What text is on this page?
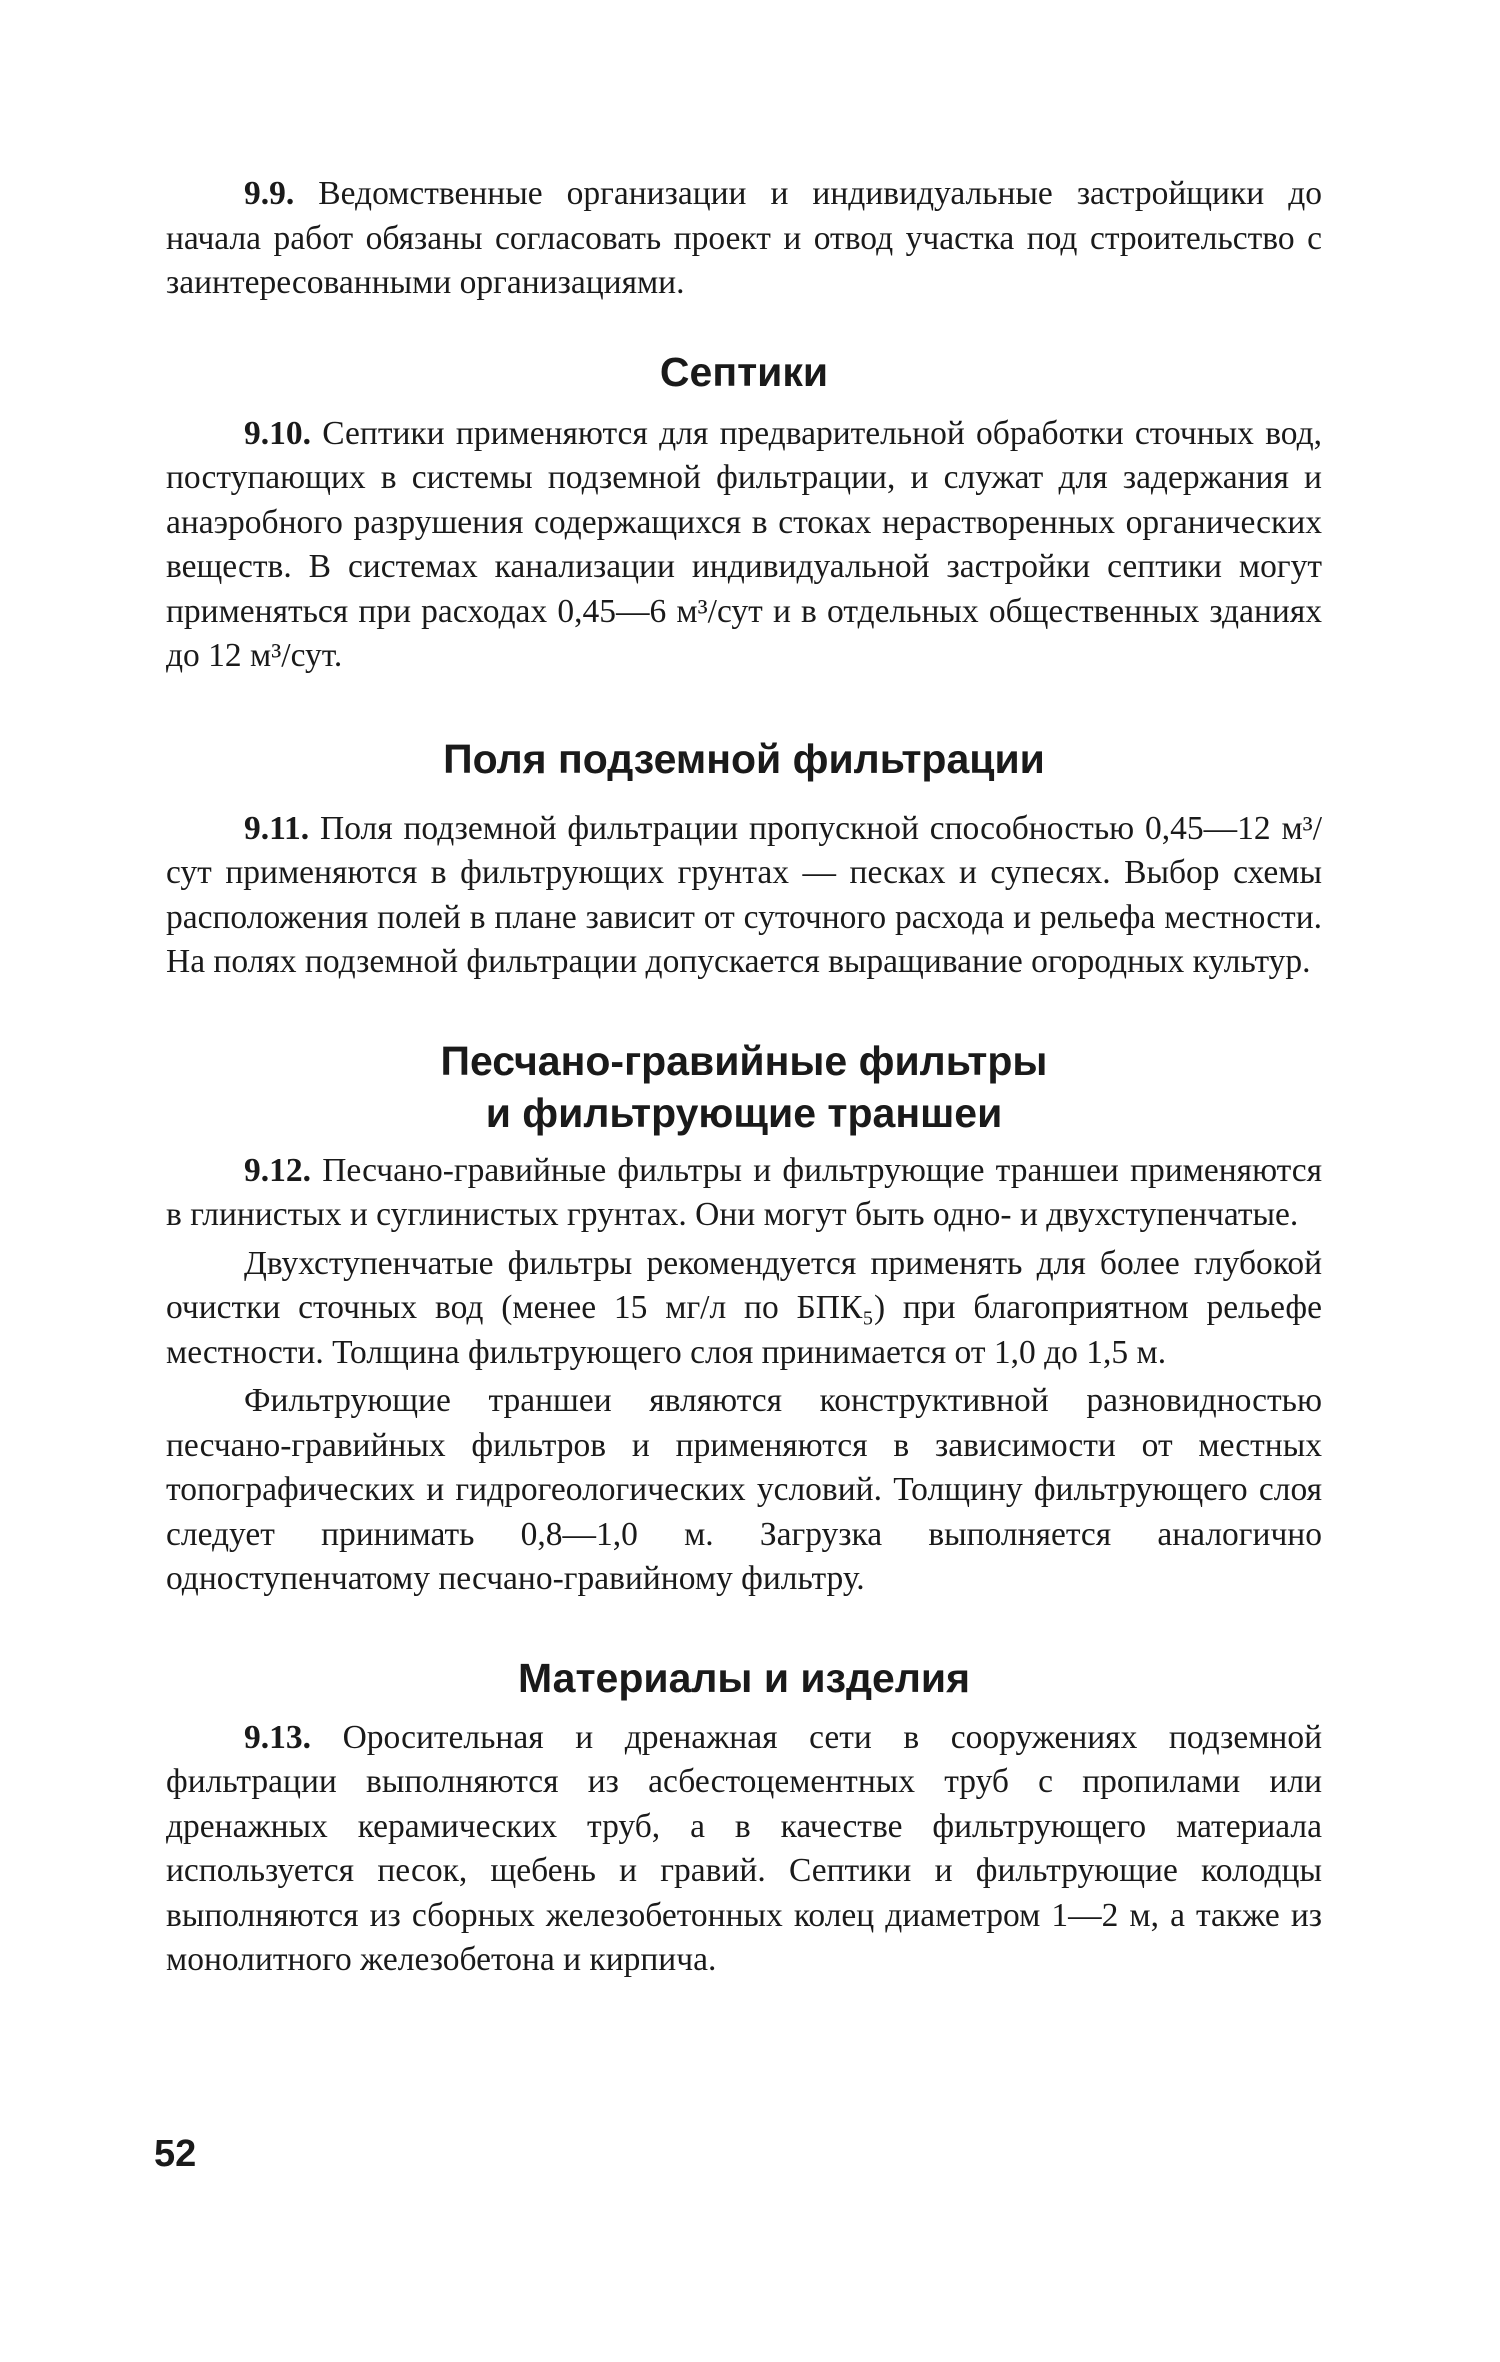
9.9. Ведомственные организации и индивидуальные застройщики до начала работ обязаны согласовать проект и отвод участка под строительство с заинтересованными организациями.

Септики

9.10. Септики применяются для предварительной обработки сточных вод, поступающих в системы подземной фильтрации, и служат для задержания и анаэробного разрушения содержащихся в стоках нерастворенных органических веществ. В системах канализации индивидуальной застройки септики могут применяться при расходах 0,45—6 м³/сут и в отдельных общественных зданиях до 12 м³/сут.

Поля подземной фильтрации

9.11. Поля подземной фильтрации пропускной способностью 0,45—12 м³/сут применяются в фильтрующих грунтах — песках и супесях. Выбор схемы расположения полей в плане зависит от суточного расхода и рельефа местности. На полях подземной фильтрации допускается выращивание огородных культур.

Песчано-гравийные фильтры
и фильтрующие траншеи

9.12. Песчано-гравийные фильтры и фильтрующие траншеи применяются в глинистых и суглинистых грунтах. Они могут быть одно- и двухступенчатые.

Двухступенчатые фильтры рекомендуется применять для более глубокой очистки сточных вод (менее 15 мг/л по БПК₅) при благоприятном рельефе местности. Толщина фильтрующего слоя принимается от 1,0 до 1,5 м.

Фильтрующие траншеи являются конструктивной разновидностью песчано-гравийных фильтров и применяются в зависимости от местных топографических и гидрогеологических условий. Толщину фильтрующего слоя следует принимать 0,8—1,0 м. Загрузка выполняется аналогично одноступенчатому песчано-гравийному фильтру.

Материалы и изделия

9.13. Оросительная и дренажная сети в сооружениях подземной фильтрации выполняются из асбестоцементных труб с пропилами или дренажных керамических труб, а в качестве фильтрующего материала используется песок, щебень и гравий. Септики и фильтрующие колодцы выполняются из сборных железобетонных колец диаметром 1—2 м, а также из монолитного железобетона и кирпича.

52
